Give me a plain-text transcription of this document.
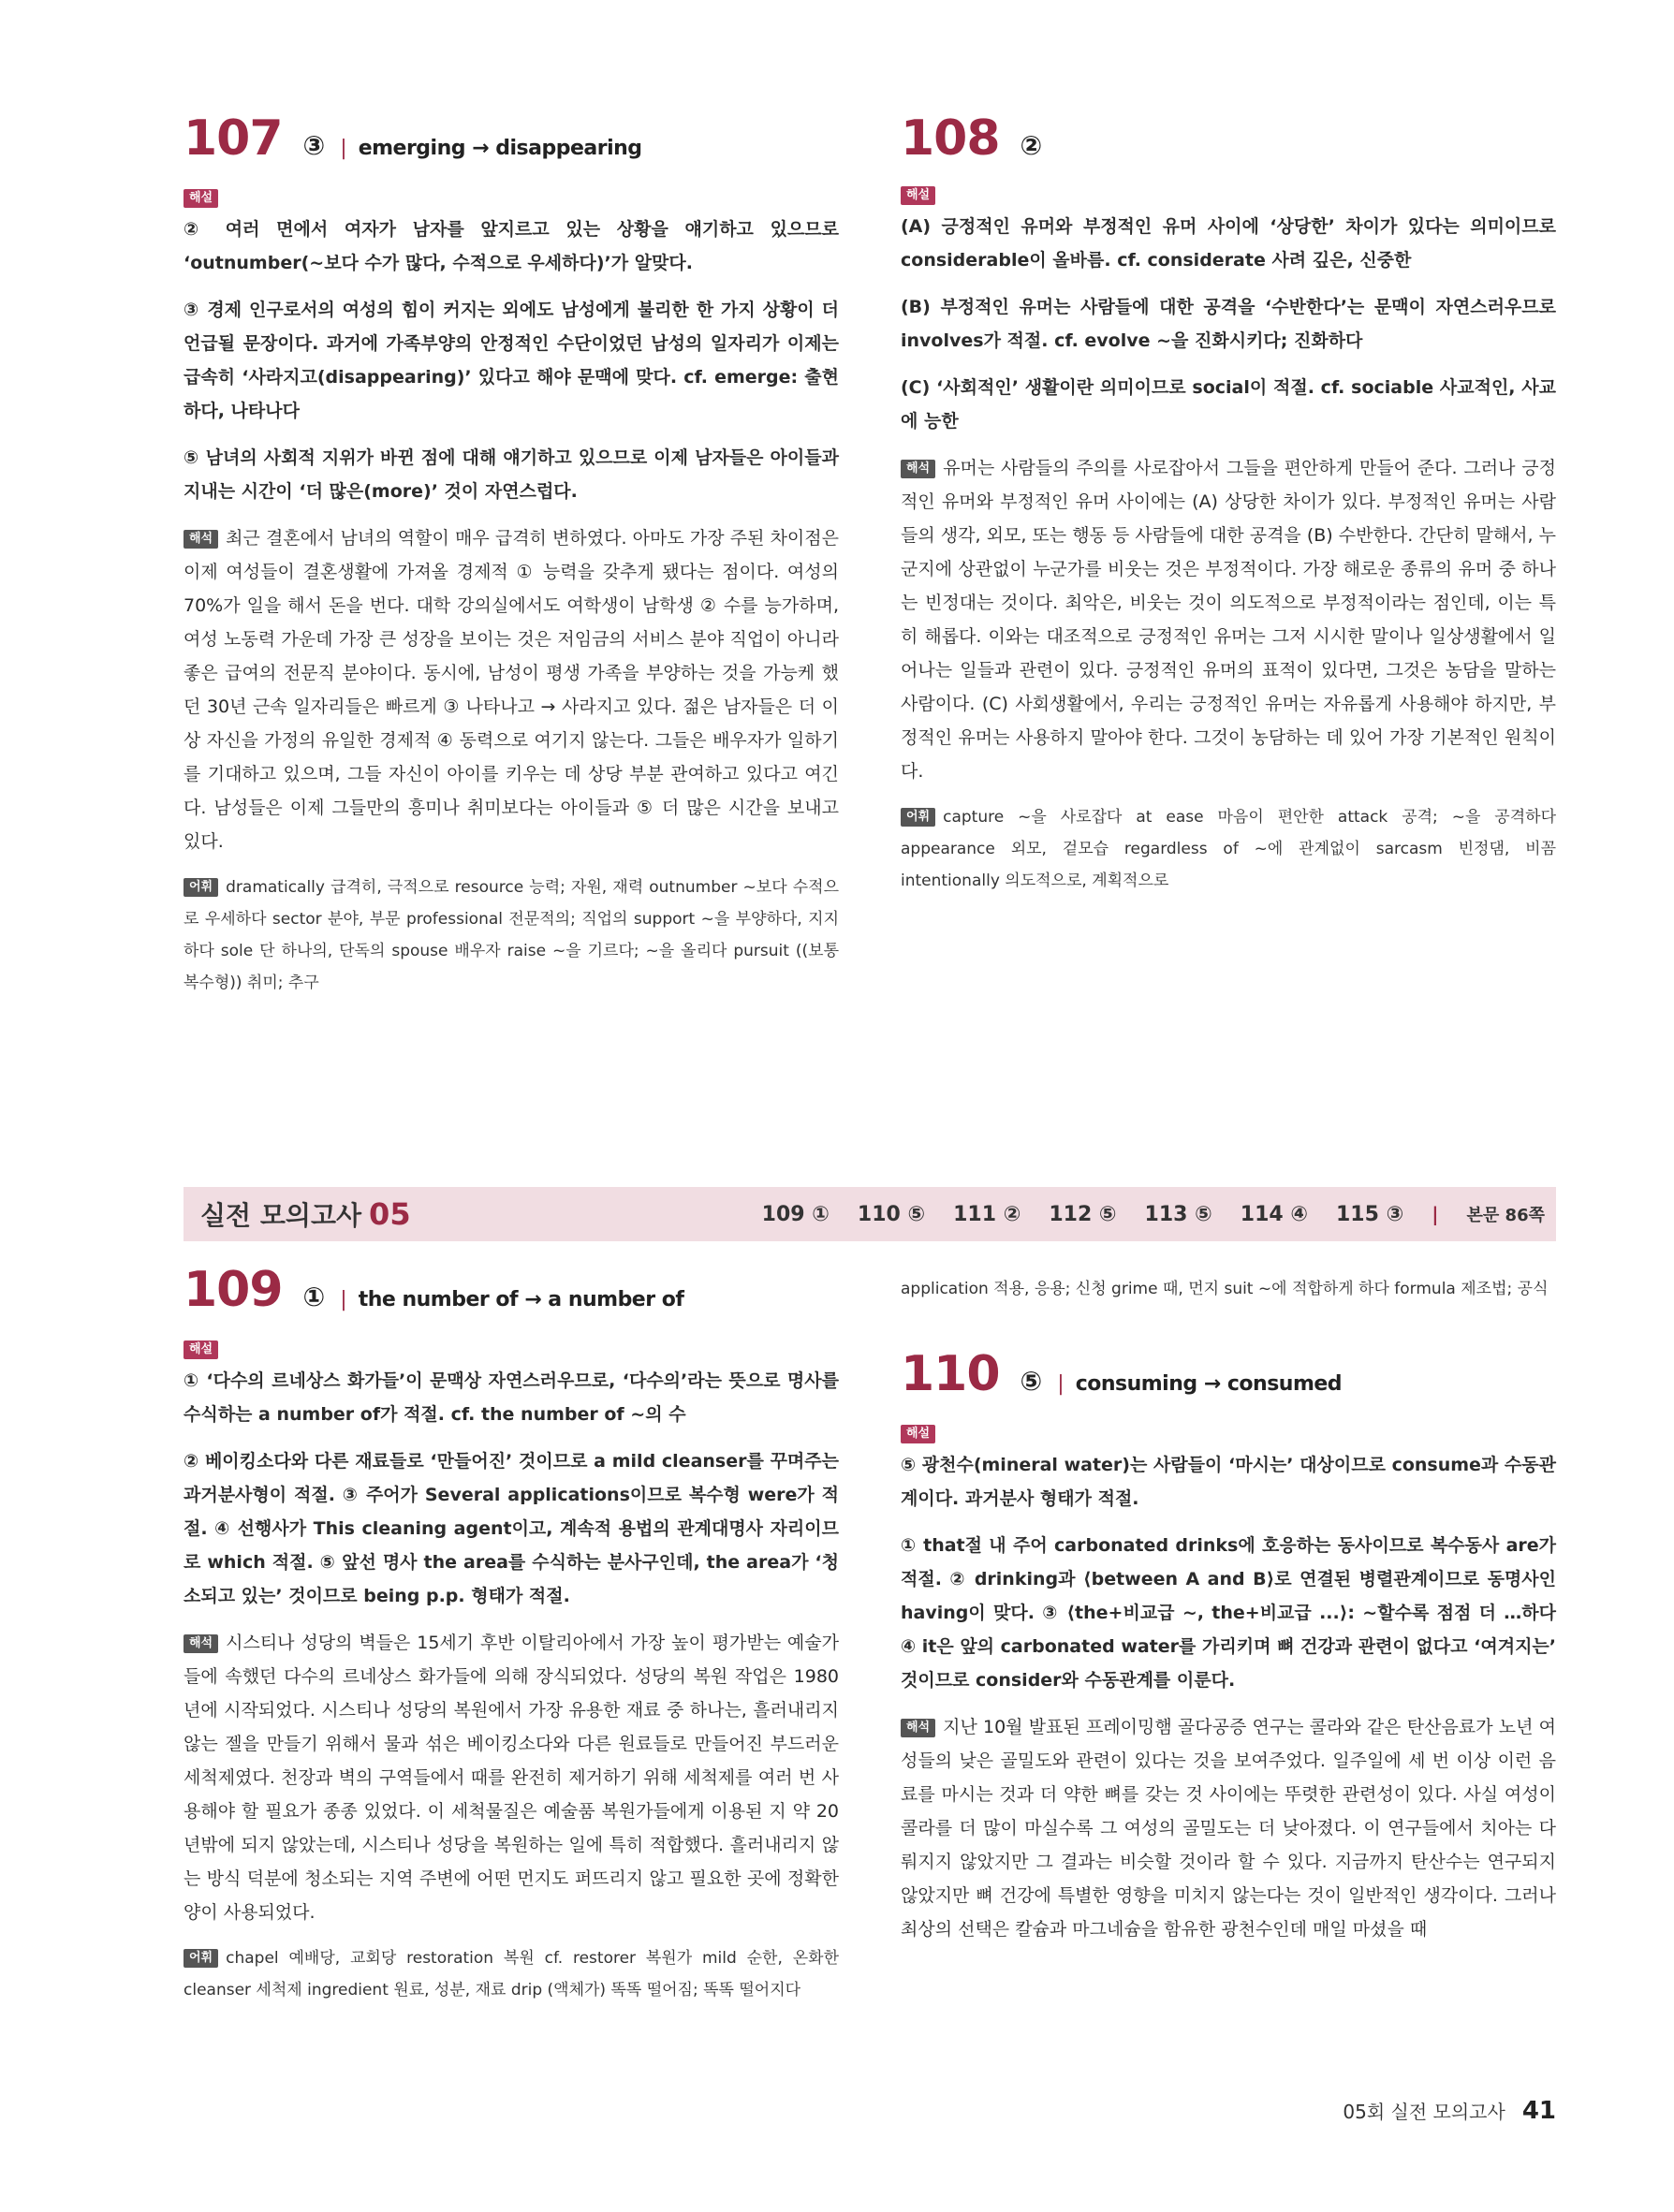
107 ③ | emerging → disappearing
해설

② 여러 면에서 여자가 남자를 앞지르고 있는 상황을 얘기하고 있으므로 ‘outnumber(~보다 수가 많다, 수적으로 우세하다)’가 알맞다.

③ 경제 인구로서의 여성의 힘이 커지는 외에도 남성에게 불리한 한 가지 상황이 더 언급될 문장이다. 과거에 가족부양의 안정적인 수단이었던 남성의 일자리가 이제는 급속히 ‘사라지고(disappearing)’ 있다고 해야 문맥에 맞다. cf. emerge: 출현하다, 나타나다

⑤ 남녀의 사회적 지위가 바뀐 점에 대해 얘기하고 있으므로 이제 남자들은 아이들과 지내는 시간이 ‘더 많은(more)’ 것이 자연스럽다.

해석 최근 결혼에서 남녀의 역할이 매우 급격히 변하였다. 아마도 가장 주된 차이점은 이제 여성들이 결혼생활에 가져올 경제적 ① 능력을 갖추게 됐다는 점이다. 여성의 70%가 일을 해서 돈을 번다. 대학 강의실에서도 여학생이 남학생 ② 수를 능가하며, 여성 노동력 가운데 가장 큰 성장을 보이는 것은 저임금의 서비스 분야 직업이 아니라 좋은 급여의 전문직 분야이다. 동시에, 남성이 평생 가족을 부양하는 것을 가능케 했던 30년 근속 일자리들은 빠르게 ③ 나타나고 → 사라지고 있다. 젊은 남자들은 더 이상 자신을 가정의 유일한 경제적 ④ 동력으로 여기지 않는다. 그들은 배우자가 일하기를 기대하고 있으며, 그들 자신이 아이를 키우는 데 상당 부분 관여하고 있다고 여긴다. 남성들은 이제 그들만의 흥미나 취미보다는 아이들과 ⑤ 더 많은 시간을 보내고 있다.

어휘 dramatically 급격히, 극적으로 resource 능력; 자원, 재력 outnumber ~보다 수적으로 우세하다 sector 분야, 부문 professional 전문적의; 직업의 support ~을 부양하다, 지지하다 sole 단 하나의, 단독의 spouse 배우자 raise ~을 기르다; ~을 올리다 pursuit ((보통 복수형)) 취미; 추구

108 ②
해설

(A) 긍정적인 유머와 부정적인 유머 사이에 ‘상당한’ 차이가 있다는 의미이므로 considerable이 올바름. cf. considerate 사려 깊은, 신중한

(B) 부정적인 유머는 사람들에 대한 공격을 ‘수반한다’는 문맥이 자연스러우므로 involves가 적절. cf. evolve ~을 진화시키다; 진화하다

(C) ‘사회적인’ 생활이란 의미이므로 social이 적절. cf. sociable 사교적인, 사교에 능한

해석 유머는 사람들의 주의를 사로잡아서 그들을 편안하게 만들어 준다. 그러나 긍정적인 유머와 부정적인 유머 사이에는 (A) 상당한 차이가 있다. 부정적인 유머는 사람들의 생각, 외모, 또는 행동 등 사람들에 대한 공격을 (B) 수반한다. 간단히 말해서, 누군지에 상관없이 누군가를 비웃는 것은 부정적이다. 가장 해로운 종류의 유머 중 하나는 빈정대는 것이다. 최악은, 비웃는 것이 의도적으로 부정적이라는 점인데, 이는 특히 해롭다. 이와는 대조적으로 긍정적인 유머는 그저 시시한 말이나 일상생활에서 일어나는 일들과 관련이 있다. 긍정적인 유머의 표적이 있다면, 그것은 농담을 말하는 사람이다. (C) 사회생활에서, 우리는 긍정적인 유머는 자유롭게 사용해야 하지만, 부정적인 유머는 사용하지 말아야 한다. 그것이 농담하는 데 있어 가장 기본적인 원칙이다.

어휘 capture ~을 사로잡다 at ease 마음이 편안한 attack 공격; ~을 공격하다 appearance 외모, 겉모습 regardless of ~에 관계없이 sarcasm 빈정댐, 비꼼 intentionally 의도적으로, 계획적으로

실전 모의고사 05	109 ① 110 ⑤ 111 ② 112 ⑤ 113 ⑤ 114 ④ 115 ③ | 본문 86쪽
109 ① | the number of → a number of
해설

① ‘다수의 르네상스 화가들’이 문맥상 자연스러우므로, ‘다수의’라는 뜻으로 명사를 수식하는 a number of가 적절. cf. the number of ~의 수

② 베이킹소다와 다른 재료들로 ‘만들어진’ 것이므로 a mild cleanser를 꾸며주는 과거분사형이 적절. ③ 주어가 Several applications이므로 복수형 were가 적절. ④ 선행사가 This cleaning agent이고, 계속적 용법의 관계대명사 자리이므로 which 적절. ⑤ 앞선 명사 the area를 수식하는 분사구인데, the area가 ‘청소되고 있는’ 것이므로 being p.p. 형태가 적절.

해석 시스티나 성당의 벽들은 15세기 후반 이탈리아에서 가장 높이 평가받는 예술가들에 속했던 다수의 르네상스 화가들에 의해 장식되었다. 성당의 복원 작업은 1980년에 시작되었다. 시스티나 성당의 복원에서 가장 유용한 재료 중 하나는, 흘러내리지 않는 젤을 만들기 위해서 물과 섞은 베이킹소다와 다른 원료들로 만들어진 부드러운 세척제였다. 천장과 벽의 구역들에서 때를 완전히 제거하기 위해 세척제를 여러 번 사용해야 할 필요가 종종 있었다. 이 세척물질은 예술품 복원가들에게 이용된 지 약 20년밖에 되지 않았는데, 시스티나 성당을 복원하는 일에 특히 적합했다. 흘러내리지 않는 방식 덕분에 청소되는 지역 주변에 어떤 먼지도 퍼뜨리지 않고 필요한 곳에 정확한 양이 사용되었다.

어휘 chapel 예배당, 교회당 restoration 복원 cf. restorer 복원가 mild 순한, 온화한 cleanser 세척제 ingredient 원료, 성분, 재료 drip (액체가) 똑똑 떨어짐; 똑똑 떨어지다

application 적용, 응용; 신청 grime 때, 먼지 suit ~에 적합하게 하다 formula 제조법; 공식

110 ⑤ | consuming → consumed
해설

⑤ 광천수(mineral water)는 사람들이 ‘마시는’ 대상이므로 consume과 수동관계이다. 과거분사 형태가 적절.

① that절 내 주어 carbonated drinks에 호응하는 동사이므로 복수동사 are가 적절. ② drinking과 ⟨between A and B⟩로 연결된 병렬관계이므로 동명사인 having이 맞다. ③ ⟨the+비교급 ~, the+비교급 ...⟩: ~할수록 점점 더 …하다 ④ it은 앞의 carbonated water를 가리키며 뼈 건강과 관련이 없다고 ‘여겨지는’ 것이므로 consider와 수동관계를 이룬다.

해석 지난 10월 발표된 프레이밍햄 골다공증 연구는 콜라와 같은 탄산음료가 노년 여성들의 낮은 골밀도와 관련이 있다는 것을 보여주었다. 일주일에 세 번 이상 이런 음료를 마시는 것과 더 약한 뼈를 갖는 것 사이에는 뚜렷한 관련성이 있다. 사실 여성이 콜라를 더 많이 마실수록 그 여성의 골밀도는 더 낮아졌다. 이 연구들에서 치아는 다뤄지지 않았지만 그 결과는 비슷할 것이라 할 수 있다. 지금까지 탄산수는 연구되지 않았지만 뼈 건강에 특별한 영향을 미치지 않는다는 것이 일반적인 생각이다. 그러나 최상의 선택은 칼슘과 마그네슘을 함유한 광천수인데 매일 마셨을 때

05회 실전 모의고사 41
